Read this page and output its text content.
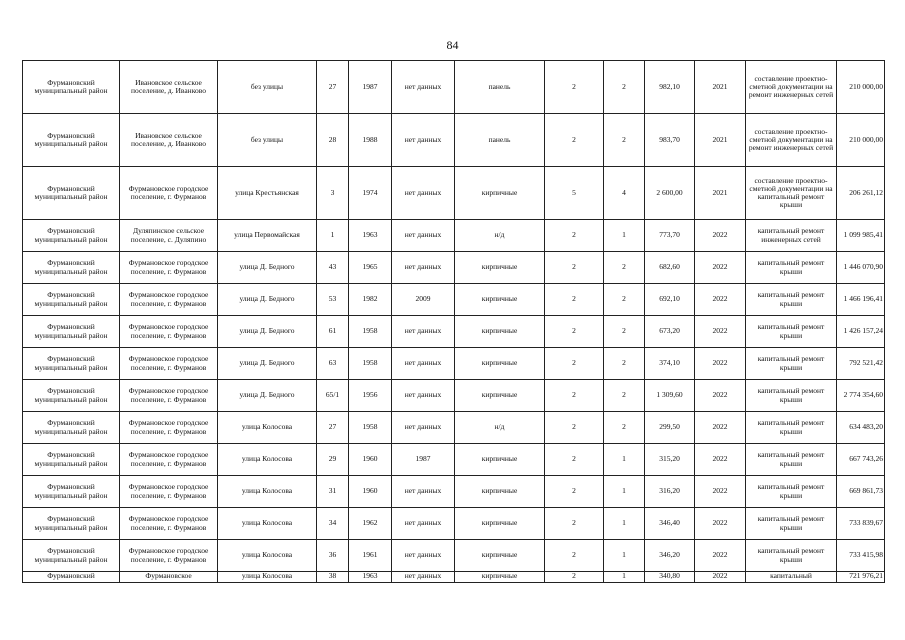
84
Фурмановский муниципальный район	Ивановское сельское поселение, д. Иванково	без улицы	27	1987	нет данных	панель	2	2	982,10	2021	составление проектно-сметной документации на ремонт инженерных сетей	210 000,00
Фурмановский муниципальный район	Ивановское сельское поселение, д. Иванково	без улицы	28	1988	нет данных	панель	2	2	983,70	2021	составление проектно-сметной документации на ремонт инженерных сетей	210 000,00
Фурмановский муниципальный район	Фурмановское городское поселение, г. Фурманов	улица Крестьянская	3	1974	нет данных	кирпичные	5	4	2 600,00	2021	составление проектно-сметной документации на капитальный ремонт крыши	206 261,12
Фурмановский муниципальный район	Дуляпинское сельское поселение, с. Дуляпино	улица Первомайская	1	1963	нет данных	н/д	2	1	773,70	2022	капитальный ремонт инженерных сетей	1 099 985,41
Фурмановский муниципальный район	Фурмановское городское поселение, г. Фурманов	улица Д. Бедного	43	1965	нет данных	кирпичные	2	2	682,60	2022	капитальный ремонт крыши	1 446 070,90
Фурмановский муниципальный район	Фурмановское городское поселение, г. Фурманов	улица Д. Бедного	53	1982	2009	кирпичные	2	2	692,10	2022	капитальный ремонт крыши	1 466 196,41
Фурмановский муниципальный район	Фурмановское городское поселение, г. Фурманов	улица Д. Бедного	61	1958	нет данных	кирпичные	2	2	673,20	2022	капитальный ремонт крыши	1 426 157,24
Фурмановский муниципальный район	Фурмановское городское поселение, г. Фурманов	улица Д. Бедного	63	1958	нет данных	кирпичные	2	2	374,10	2022	капитальный ремонт крыши	792 521,42
Фурмановский муниципальный район	Фурмановское городское поселение, г. Фурманов	улица Д. Бедного	65/1	1956	нет данных	кирпичные	2	2	1 309,60	2022	капитальный ремонт крыши	2 774 354,60
Фурмановский муниципальный район	Фурмановское городское поселение, г. Фурманов	улица Колосова	27	1958	нет данных	н/д	2	2	299,50	2022	капитальный ремонт крыши	634 483,20
Фурмановский муниципальный район	Фурмановское городское поселение, г. Фурманов	улица Колосова	29	1960	1987	кирпичные	2	1	315,20	2022	капитальный ремонт крыши	667 743,26
Фурмановский муниципальный район	Фурмановское городское поселение, г. Фурманов	улица Колосова	31	1960	нет данных	кирпичные	2	1	316,20	2022	капитальный ремонт крыши	669 861,73
Фурмановский муниципальный район	Фурмановское городское поселение, г. Фурманов	улица Колосова	34	1962	нет данных	кирпичные	2	1	346,40	2022	капитальный ремонт крыши	733 839,67
Фурмановский муниципальный район	Фурмановское городское поселение, г. Фурманов	улица Колосова	36	1961	нет данных	кирпичные	2	1	346,20	2022	капитальный ремонт крыши	733 415,98
Фурмановский	Фурмановское	улица Колосова	38	1963	нет данных	кирпичные	2	1	340,80	2022	капитальный	721 976,21
